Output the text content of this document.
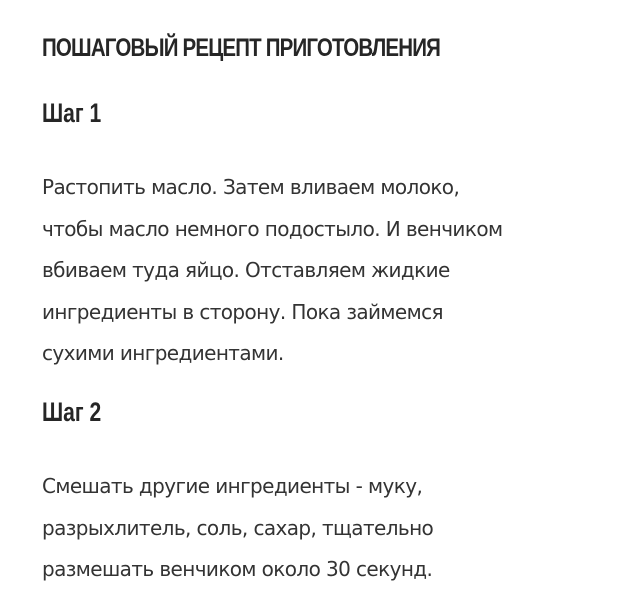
ПОШАГОВЫЙ РЕЦЕПТ ПРИГОТОВЛЕНИЯ
Шаг 1

Растопить масло. Затем вливаем молоко,
чтобы масло немного подостыло. И венчиком
вбиваем туда яйцо. Отставляем жидкие
ингредиенты в сторону. Пока займемся
сухими ингредиентами.

Шаг 2

Смешать другие ингредиенты - муку,
разрыхлитель, соль, сахар, тщательно
размешать венчиком около 30 секунд.
